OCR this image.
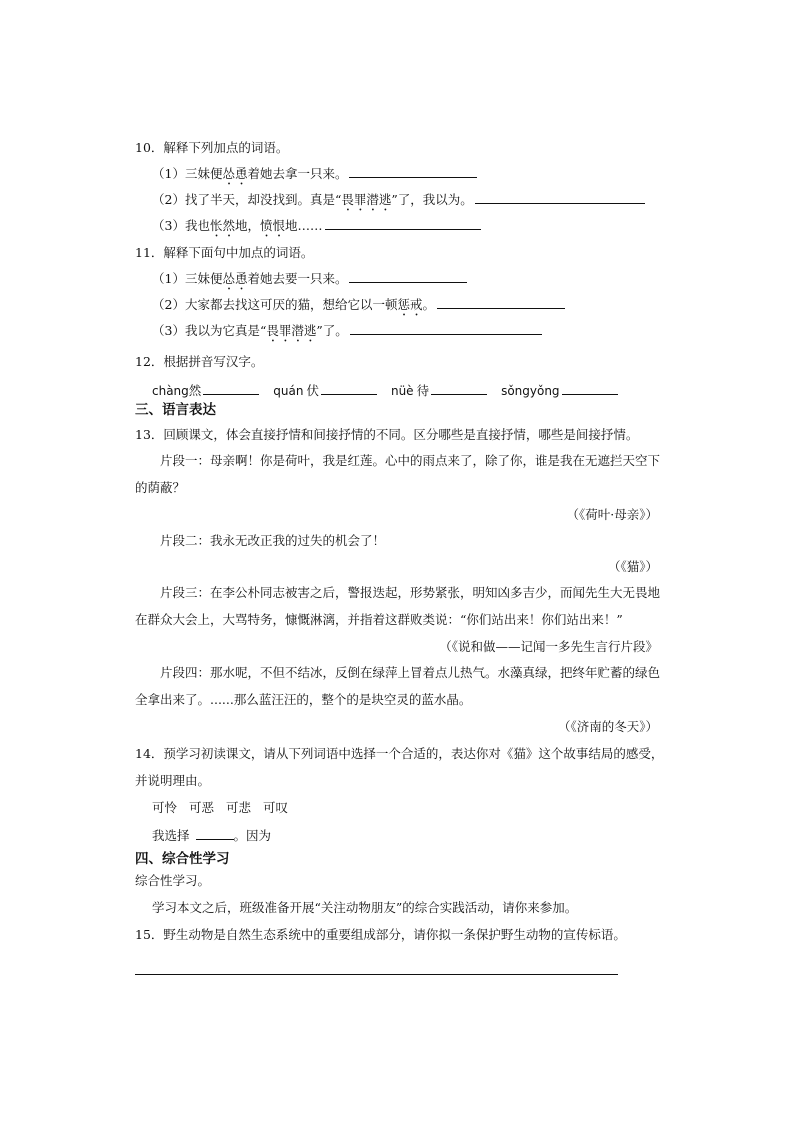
10．解释下列加点的词语。
（1）三妹便怂恿着她去拿一只来。
（2）找了半天，却没找到。真是“畏罪潜逃”了，我以为。
（3）我也怅然地，愤恨地……
11．解释下面句中加点的词语。
（1）三妹便怂恿着她去要一只来。
（2）大家都去找这可厌的猫，想给它以一顿惩戒。
（3）我以为它真是“畏罪潜逃”了。
12．根据拼音写汉字。
chàng然	quán 伏	nüè 待	sǒngyǒng
三、语言表达
13．回顾课文，体会直接抒情和间接抒情的不同。区分哪些是直接抒情，哪些是间接抒情。
片段一：母亲啊！你是荷叶，我是红莲。心中的雨点来了，除了你，谁是我在无遮拦天空下
的荫蔽？
（《荷叶·母亲》）
片段二：我永无改正我的过失的机会了！
（《猫》）
片段三：在李公朴同志被害之后，警报迭起，形势紧张，明知凶多吉少，而闻先生大无畏地
在群众大会上，大骂特务，慷慨淋漓，并指着这群败类说：“你们站出来！你们站出来！”
（《说和做——记闻一多先生言行片段》
片段四：那水呢，不但不结冰，反倒在绿萍上冒着点儿热气。水藻真绿，把终年贮蓄的绿色
全拿出来了。......那么蓝汪汪的，整个的是块空灵的蓝水晶。
（《济南的冬天》）
14．预学习初读课文，请从下列词语中选择一个合适的，表达你对《猫》这个故事结局的感受，
并说明理由。
可怜 可恶 可悲 可叹
我选择	。因为
四、综合性学习
综合性学习。
学习本文之后，班级准备开展“关注动物朋友”的综合实践活动，请你来参加。
15．野生动物是自然生态系统中的重要组成部分，请你拟一条保护野生动物的宣传标语。
